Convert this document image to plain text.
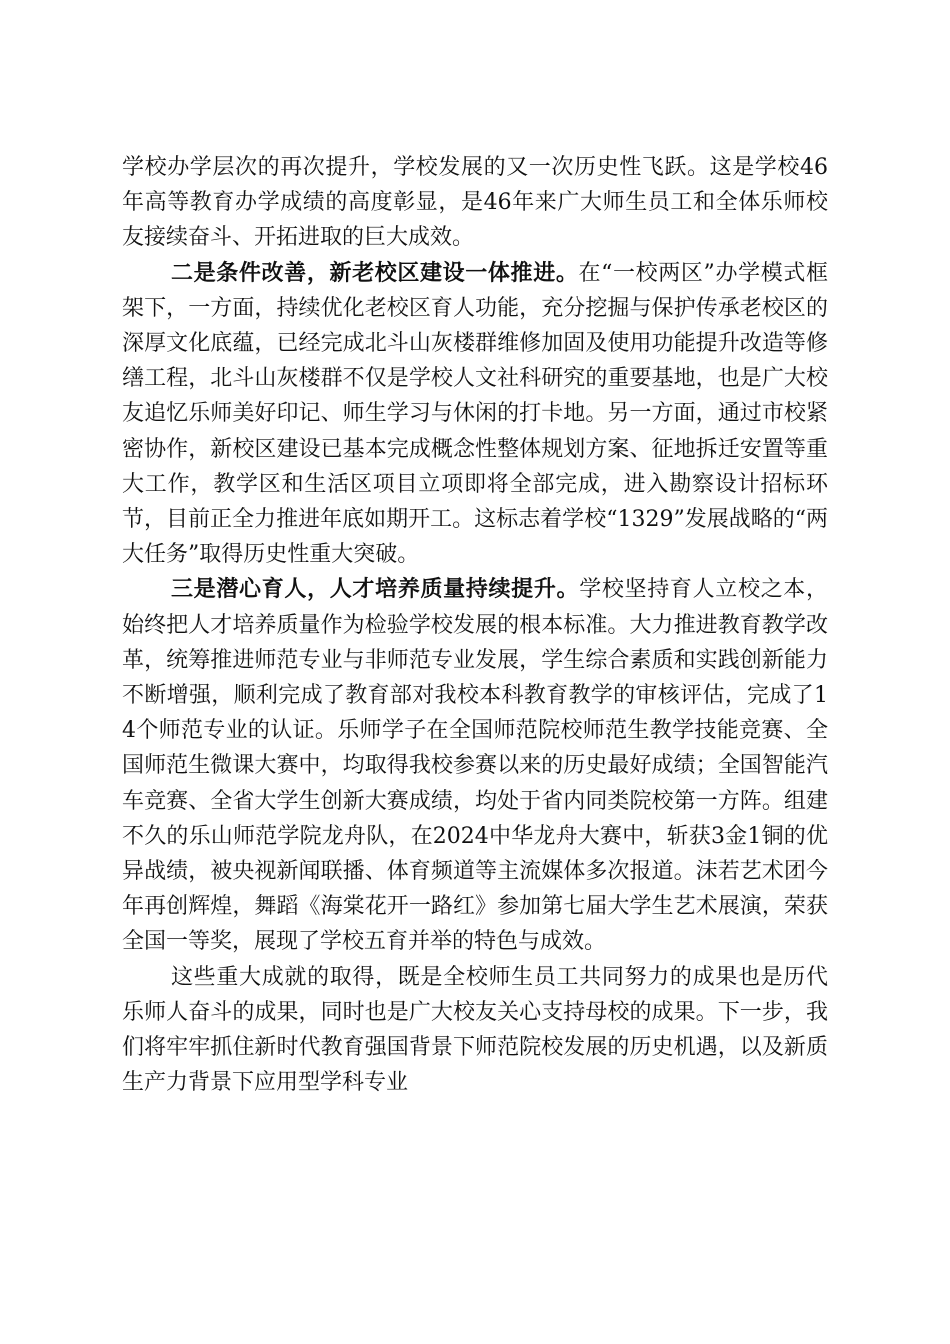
学校办学层次的再次提升，学校发展的又一次历史性飞跃。这是学校46年高等教育办学成绩的高度彰显，是46年来广大师生员工和全体乐师校友接续奋斗、开拓进取的巨大成效。

二是条件改善，新老校区建设一体推进。在“一校两区”办学模式框架下，一方面，持续优化老校区育人功能，充分挖掘与保护传承老校区的深厚文化底蕴，已经完成北斗山灰楼群维修加固及使用功能提升改造等修缮工程，北斗山灰楼群不仅是学校人文社科研究的重要基地，也是广大校友追忆乐师美好印记、师生学习与休闲的打卡地。另一方面，通过市校紧密协作，新校区建设已基本完成概念性整体规划方案、征地拆迁安置等重大工作，教学区和生活区项目立项即将全部完成，进入勘察设计招标环节，目前正全力推进年底如期开工。这标志着学校“1329”发展战略的“两大任务”取得历史性重大突破。

三是潜心育人，人才培养质量持续提升。学校坚持育人立校之本，始终把人才培养质量作为检验学校发展的根本标准。大力推进教育教学改革，统筹推进师范专业与非师范专业发展，学生综合素质和实践创新能力不断增强，顺利完成了教育部对我校本科教育教学的审核评估，完成了14个师范专业的认证。乐师学子在全国师范院校师范生教学技能竞赛、全国师范生微课大赛中，均取得我校参赛以来的历史最好成绩；全国智能汽车竞赛、全省大学生创新大赛成绩，均处于省内同类院校第一方阵。组建不久的乐山师范学院龙舟队，在2024中华龙舟大赛中，斩获3金1铜的优异战绩，被央视新闻联播、体育频道等主流媒体多次报道。沫若艺术团今年再创辉煌，舞蹈《海棠花开一路红》参加第七届大学生艺术展演，荣获全国一等奖，展现了学校五育并举的特色与成效。

这些重大成就的取得，既是全校师生员工共同努力的成果也是历代乐师人奋斗的成果，同时也是广大校友关心支持母校的成果。下一步，我们将牢牢抓住新时代教育强国背景下师范院校发展的历史机遇，以及新质生产力背景下应用型学科专业
